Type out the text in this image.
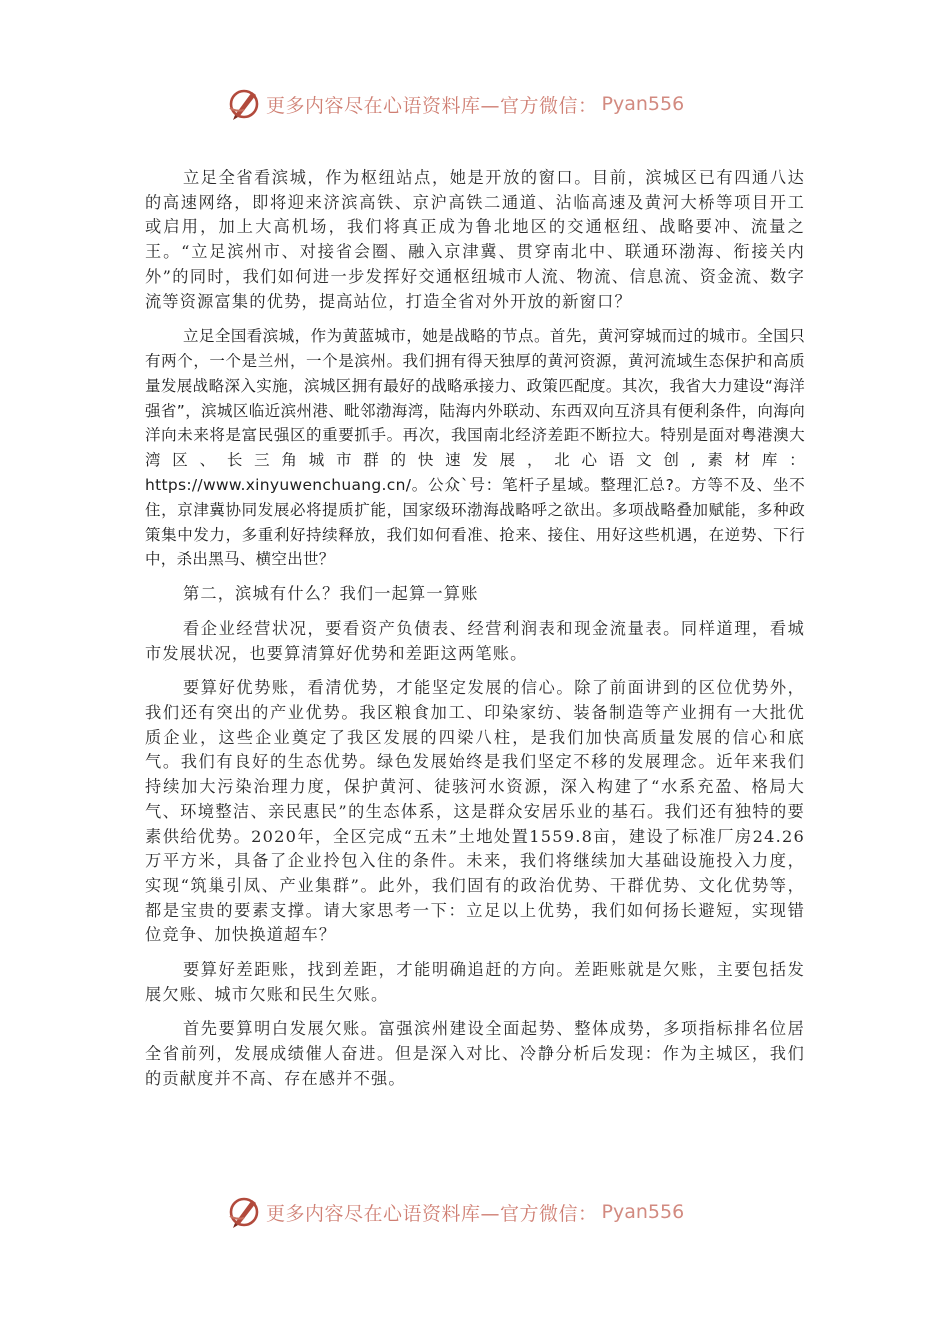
更多内容尽在心语资料库—官方微信： Pyan556

立足全省看滨城，作为枢纽站点，她是开放的窗口。目前，滨城区已有四通八达的高速网络，即将迎来济滨高铁、京沪高铁二通道、沾临高速及黄河大桥等项目开工或启用，加上大高机场，我们将真正成为鲁北地区的交通枢纽、战略要冲、流量之王。“立足滨州市、对接省会圈、融入京津冀、贯穿南北中、联通环渤海、衔接关内外”的同时，我们如何进一步发挥好交通枢纽城市人流、物流、信息流、资金流、数字流等资源富集的优势，提高站位，打造全省对外开放的新窗口？

立足全国看滨城，作为黄蓝城市，她是战略的节点。首先，黄河穿城而过的城市。全国只有两个，一个是兰州，一个是滨州。我们拥有得天独厚的黄河资源，黄河流域生态保护和高质量发展战略深入实施，滨城区拥有最好的战略承接力、政策匹配度。其次，我省大力建设“海洋强省”，滨城区临近滨州港、毗邻渤海湾，陆海内外联动、东西双向互济具有便利条件，向海向洋向未来将是富民强区的重要抓手。再次，我国南北经济差距不断拉大。特别是面对粤港澳大湾区、长三角城市群的快速发展，北心语文创,素材库：https://www.xinyuwenchuang.cn/。公众`号：笔杆子星域。整理汇总?。方等不及、坐不住，京津冀协同发展必将提质扩能，国家级环渤海战略呼之欲出。多项战略叠加赋能，多种政策集中发力，多重利好持续释放，我们如何看准、抢来、接住、用好这些机遇，在逆势、下行中，杀出黑马、横空出世？

第二，滨城有什么？我们一起算一算账

看企业经营状况，要看资产负债表、经营利润表和现金流量表。同样道理，看城市发展状况，也要算清算好优势和差距这两笔账。

要算好优势账，看清优势，才能坚定发展的信心。除了前面讲到的区位优势外，我们还有突出的产业优势。我区粮食加工、印染家纺、装备制造等产业拥有一大批优质企业，这些企业奠定了我区发展的四梁八柱，是我们加快高质量发展的信心和底气。我们有良好的生态优势。绿色发展始终是我们坚定不移的发展理念。近年来我们持续加大污染治理力度，保护黄河、徒骇河水资源，深入构建了“水系充盈、格局大气、环境整洁、亲民惠民”的生态体系，这是群众安居乐业的基石。我们还有独特的要素供给优势。2020年，全区完成“五未”土地处置1559.8亩，建设了标准厂房24.26万平方米，具备了企业拎包入住的条件。未来，我们将继续加大基础设施投入力度，实现“筑巢引凤、产业集群”。此外，我们固有的政治优势、干群优势、文化优势等，都是宝贵的要素支撑。请大家思考一下：立足以上优势，我们如何扬长避短，实现错位竞争、加快换道超车？

要算好差距账，找到差距，才能明确追赶的方向。差距账就是欠账，主要包括发展欠账、城市欠账和民生欠账。

首先要算明白发展欠账。富强滨州建设全面起势、整体成势，多项指标排名位居全省前列，发展成绩催人奋进。但是深入对比、冷静分析后发现：作为主城区，我们的贡献度并不高、存在感并不强。

更多内容尽在心语资料库—官方微信： Pyan556
